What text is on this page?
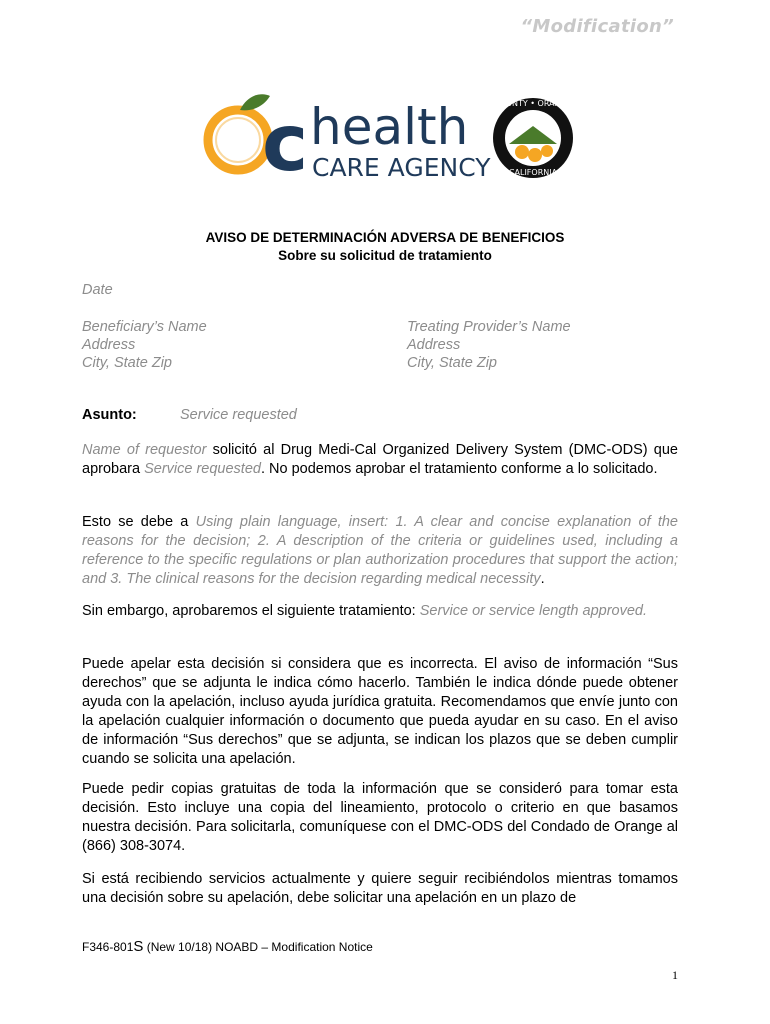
“Modification”
c health
CARE AGENCY
COUNTY • ORANGE
CALIFORNIA
AVISO DE DETERMINACIÓN ADVERSA DE BENEFICIOS
Sobre su solicitud de tratamiento
Date
Beneficiary’s Name
Address
City, State Zip
Treating Provider’s Name
Address
City, State Zip
Asunto:	Service requested
Name of requestor solicitó al Drug Medi-Cal Organized Delivery System (DMC-ODS) que aprobara Service requested. No podemos aprobar el tratamiento conforme a lo solicitado.
Esto se debe a Using plain language, insert: 1. A clear and concise explanation of the reasons for the decision; 2. A description of the criteria or guidelines used, including a reference to the specific regulations or plan authorization procedures that support the action; and 3. The clinical reasons for the decision regarding medical necessity.
Sin embargo, aprobaremos el siguiente tratamiento: Service or service length approved.
Puede apelar esta decisión si considera que es incorrecta. El aviso de información “Sus derechos” que se adjunta le indica cómo hacerlo. También le indica dónde puede obtener ayuda con la apelación, incluso ayuda jurídica gratuita. Recomendamos que envíe junto con la apelación cualquier información o documento que pueda ayudar en su caso. En el aviso de información “Sus derechos” que se adjunta, se indican los plazos que se deben cumplir cuando se solicita una apelación.
Puede pedir copias gratuitas de toda la información que se consideró para tomar esta decisión. Esto incluye una copia del lineamiento, protocolo o criterio en que basamos nuestra decisión. Para solicitarla, comuníquese con el DMC-ODS del Condado de Orange al (866) 308-3074.
Si está recibiendo servicios actualmente y quiere seguir recibiéndolos mientras tomamos una decisión sobre su apelación, debe solicitar una apelación en un plazo de
F346-801S (New 10/18) NOABD – Modification Notice
1
